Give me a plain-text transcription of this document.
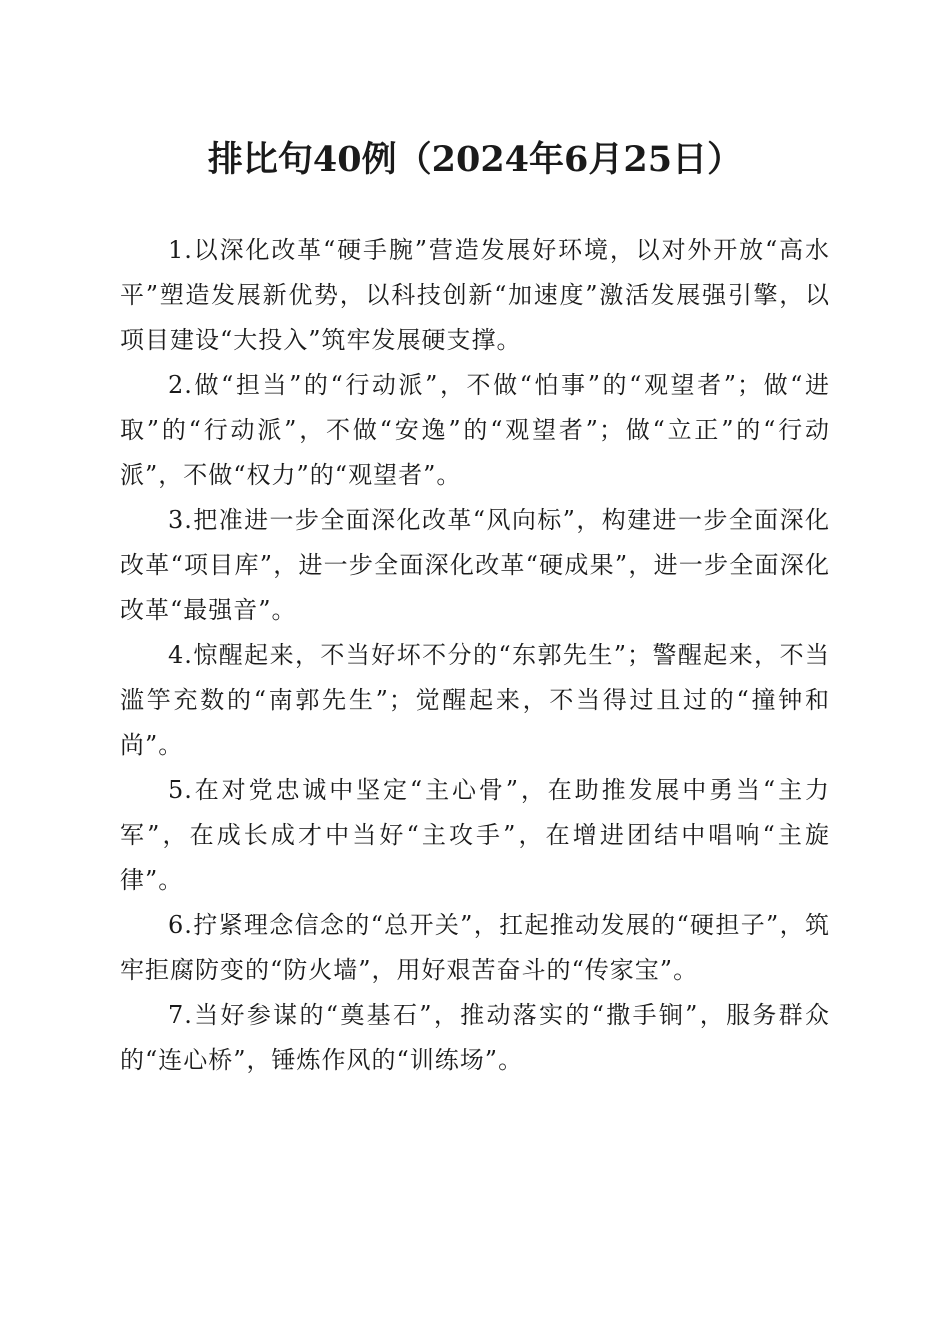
排比句40例（2024年6月25日）

1.以深化改革“硬手腕”营造发展好环境，以对外开放“高水平”塑造发展新优势，以科技创新“加速度”激活发展强引擎，以项目建设“大投入”筑牢发展硬支撑。

2.做“担当”的“行动派”，不做“怕事”的“观望者”；做“进取”的“行动派”，不做“安逸”的“观望者”；做“立正”的“行动派”，不做“权力”的“观望者”。

3.把准进一步全面深化改革“风向标”，构建进一步全面深化改革“项目库”，进一步全面深化改革“硬成果”，进一步全面深化改革“最强音”。

4.惊醒起来，不当好坏不分的“东郭先生”；警醒起来，不当滥竽充数的“南郭先生”；觉醒起来，不当得过且过的“撞钟和尚”。

5.在对党忠诚中坚定“主心骨”，在助推发展中勇当“主力军”，在成长成才中当好“主攻手”，在增进团结中唱响“主旋律”。

6.拧紧理念信念的“总开关”，扛起推动发展的“硬担子”，筑牢拒腐防变的“防火墙”，用好艰苦奋斗的“传家宝”。

7.当好参谋的“奠基石”，推动落实的“撒手锏”，服务群众的“连心桥”，锤炼作风的“训练场”。
